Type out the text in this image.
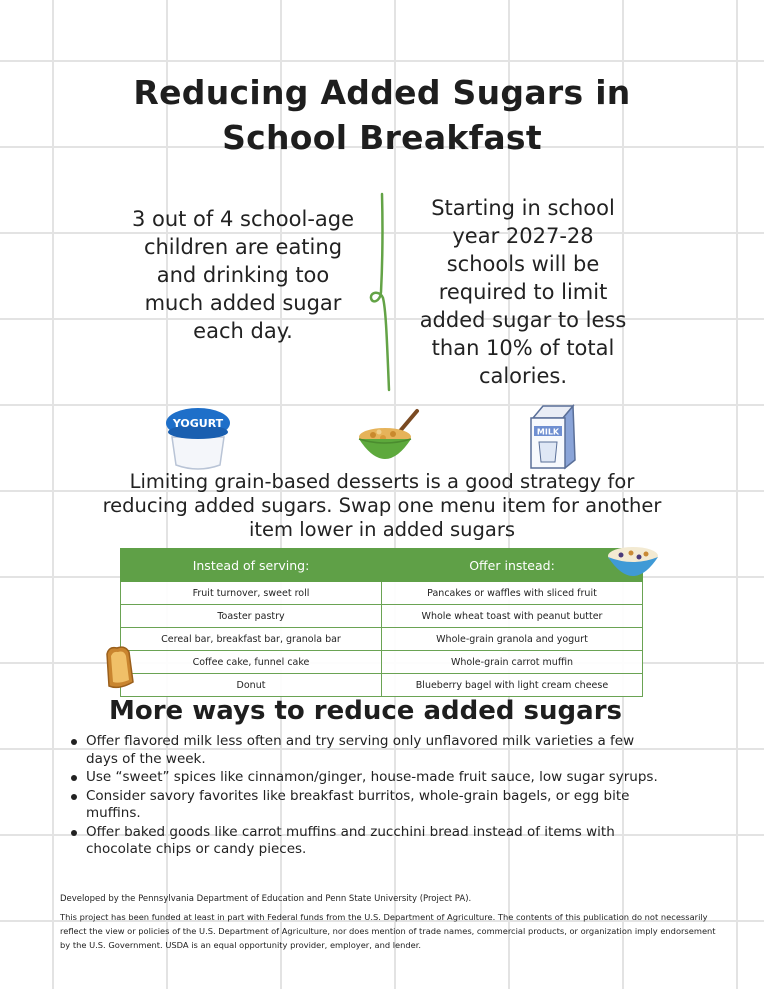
Reducing Added Sugars in
School Breakfast
3 out of 4 school-age children are eating and drinking too much added sugar each day.
Starting in school year 2027-28 schools will be required to limit added sugar to less than 10% of total calories.
YOGURT
MILK
Limiting grain-based desserts is a good strategy for reducing added sugars. Swap one menu item for another item lower in added sugars
Instead of serving:	Offer instead:
Fruit turnover, sweet roll	Pancakes or waffles with sliced fruit
Toaster pastry	Whole wheat toast with peanut butter
Cereal bar, breakfast bar, granola bar	Whole-grain granola and yogurt
Coffee cake, funnel cake	Whole-grain carrot muffin
Donut	Blueberry bagel with light cream cheese
More ways to reduce added sugars
Offer flavored milk less often and try serving only unflavored milk varieties a few days of the week.
Use “sweet” spices like cinnamon/ginger, house-made fruit sauce, low sugar syrups.
Consider savory favorites like breakfast burritos, whole-grain bagels, or egg bite muffins.
Offer baked goods like carrot muffins and zucchini bread instead of items with chocolate chips or candy pieces.
Developed by the Pennsylvania Department of Education and Penn State University (Project PA).
This project has been funded at least in part with Federal funds from the U.S. Department of Agriculture. The contents of this publication do not necessarily reflect the view or policies of the U.S. Department of Agriculture, nor does mention of trade names, commercial products, or organization imply endorsement by the U.S. Government. USDA is an equal opportunity provider, employer, and lender.
